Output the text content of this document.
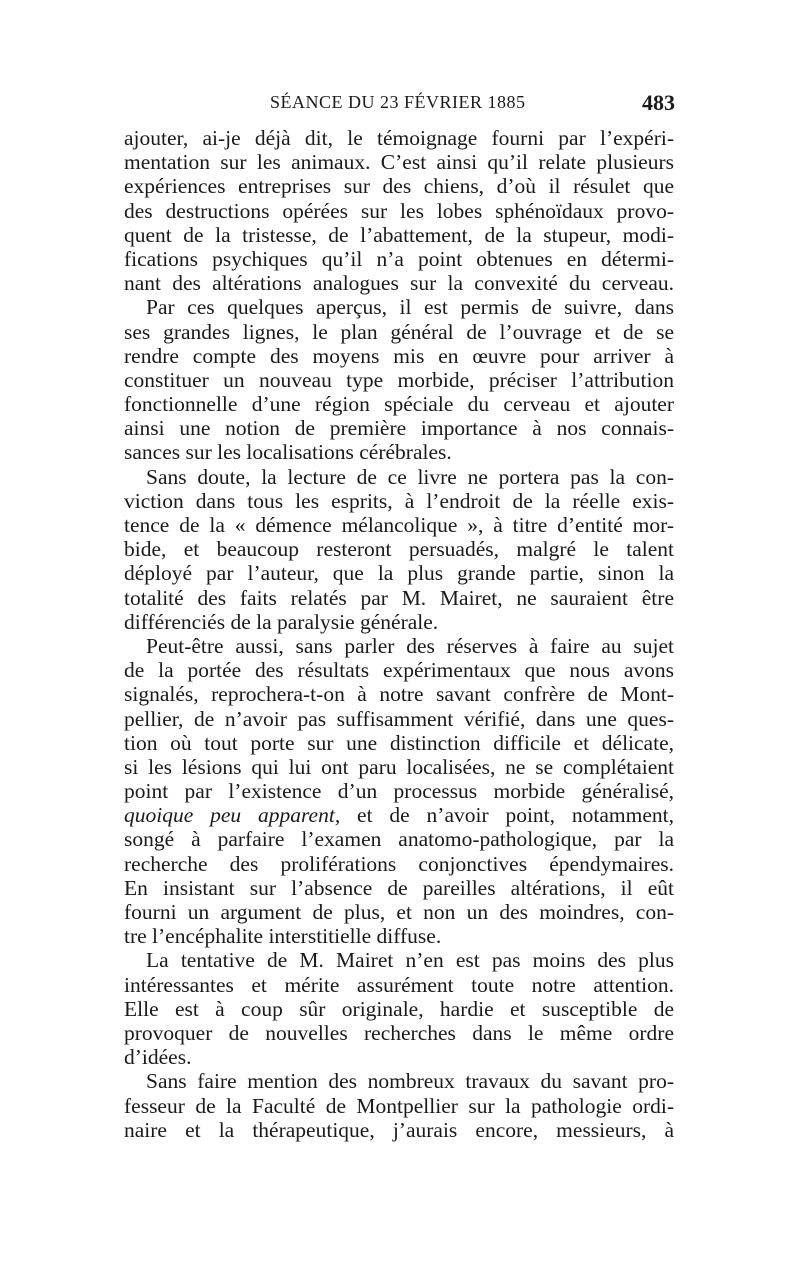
SÉANCE DU 23 FÉVRIER 1885	483
ajouter, ai-je déjà dit, le témoignage fourni par l’expéri-
mentation sur les animaux. C’est ainsi qu’il relate plusieurs
expériences entreprises sur des chiens, d’où il résulet que
des destructions opérées sur les lobes sphénoïdaux provo-
quent de la tristesse, de l’abattement, de la stupeur, modi-
fications psychiques qu’il n’a point obtenues en détermi-
nant des altérations analogues sur la convexité du cerveau.
Par ces quelques aperçus, il est permis de suivre, dans
ses grandes lignes, le plan général de l’ouvrage et de se
rendre compte des moyens mis en œuvre pour arriver à
constituer un nouveau type morbide, préciser l’attribution
fonctionnelle d’une région spéciale du cerveau et ajouter
ainsi une notion de première importance à nos connais-
sances sur les localisations cérébrales.
Sans doute, la lecture de ce livre ne portera pas la con-
viction dans tous les esprits, à l’endroit de la réelle exis-
tence de la « démence mélancolique », à titre d’entité mor-
bide, et beaucoup resteront persuadés, malgré le talent
déployé par l’auteur, que la plus grande partie, sinon la
totalité des faits relatés par M. Mairet, ne sauraient être
différenciés de la paralysie générale.
Peut-être aussi, sans parler des réserves à faire au sujet
de la portée des résultats expérimentaux que nous avons
signalés, reprochera-t-on à notre savant confrère de Mont-
pellier, de n’avoir pas suffisamment vérifié, dans une ques-
tion où tout porte sur une distinction difficile et délicate,
si les lésions qui lui ont paru localisées, ne se complétaient
point par l’existence d’un processus morbide généralisé,
quoique peu apparent, et de n’avoir point, notamment,
songé à parfaire l’examen anatomo-pathologique, par la
recherche des proliférations conjonctives épendymaires.
En insistant sur l’absence de pareilles altérations, il eût
fourni un argument de plus, et non un des moindres, con-
tre l’encéphalite interstitielle diffuse.
La tentative de M. Mairet n’en est pas moins des plus
intéressantes et mérite assurément toute notre attention.
Elle est à coup sûr originale, hardie et susceptible de
provoquer de nouvelles recherches dans le même ordre
d’idées.
Sans faire mention des nombreux travaux du savant pro-
fesseur de la Faculté de Montpellier sur la pathologie ordi-
naire et la thérapeutique, j’aurais encore, messieurs, à
